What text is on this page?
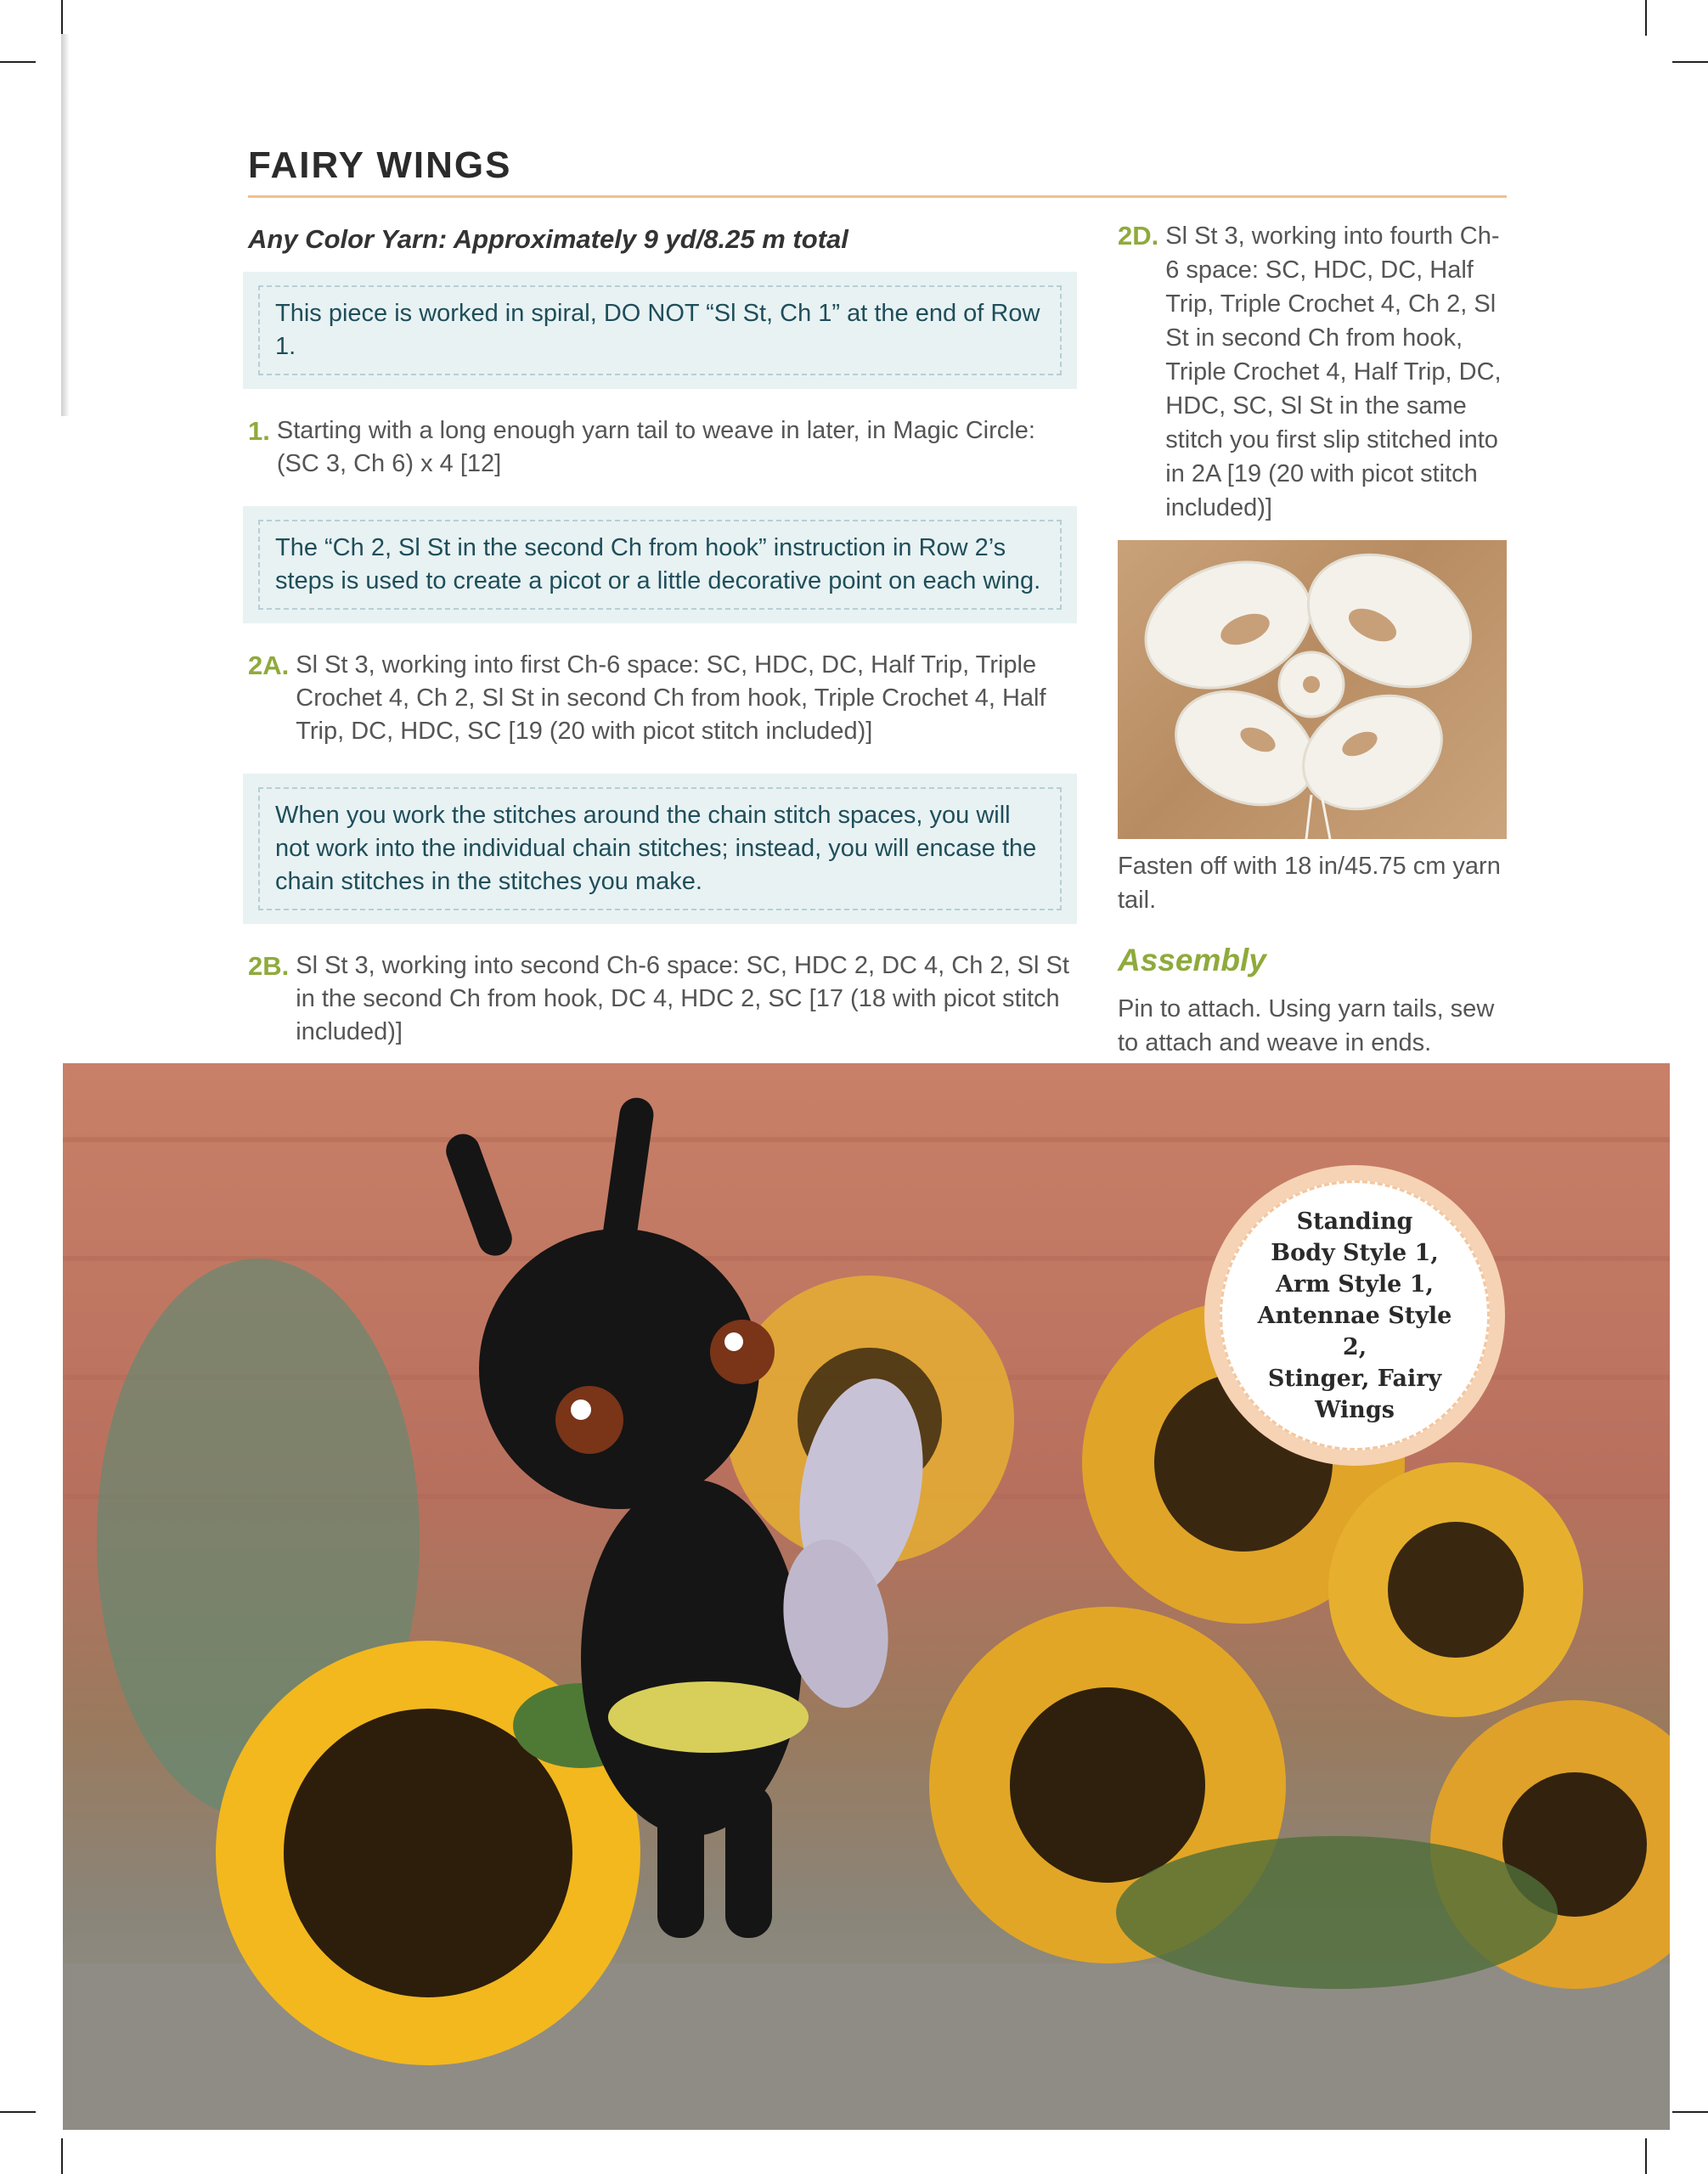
FAIRY WINGS
Any Color Yarn: Approximately 9 yd/8.25 m total
This piece is worked in spiral, DO NOT “Sl St, Ch 1” at the end of Row 1.
1. Starting with a long enough yarn tail to weave in later, in Magic Circle: (SC 3, Ch 6) x 4 [12]
The “Ch 2, Sl St in the second Ch from hook” instruction in Row 2’s steps is used to create a picot or a little decorative point on each wing.
2A. Sl St 3, working into first Ch-6 space: SC, HDC, DC, Half Trip, Triple Crochet 4, Ch 2, Sl St in second Ch from hook, Triple Crochet 4, Half Trip, DC, HDC, SC [19 (20 with picot stitch included)]
When you work the stitches around the chain stitch spaces, you will not work into the individual chain stitches; instead, you will encase the chain stitches in the stitches you make.
2B. Sl St 3, working into second Ch-6 space: SC, HDC 2, DC 4, Ch 2, Sl St in the second Ch from hook, DC 4, HDC 2, SC [17 (18 with picot stitch included)]
2D. Sl St 3, working into fourth Ch-6 space: SC, HDC, DC, Half Trip, Triple Crochet 4, Ch 2, Sl St in second Ch from hook, Triple Crochet 4, Half Trip, DC, HDC, SC, Sl St in the same stitch you first slip stitched into in 2A [19 (20 with picot stitch included)]
Fasten off with 18 in/45.75 cm yarn tail.
Assembly
Pin to attach. Using yarn tails, sew to attach and weave in ends.
Standing
Body Style 1,
Arm Style 1,
Antennae Style 2,
Stinger, Fairy
Wings
